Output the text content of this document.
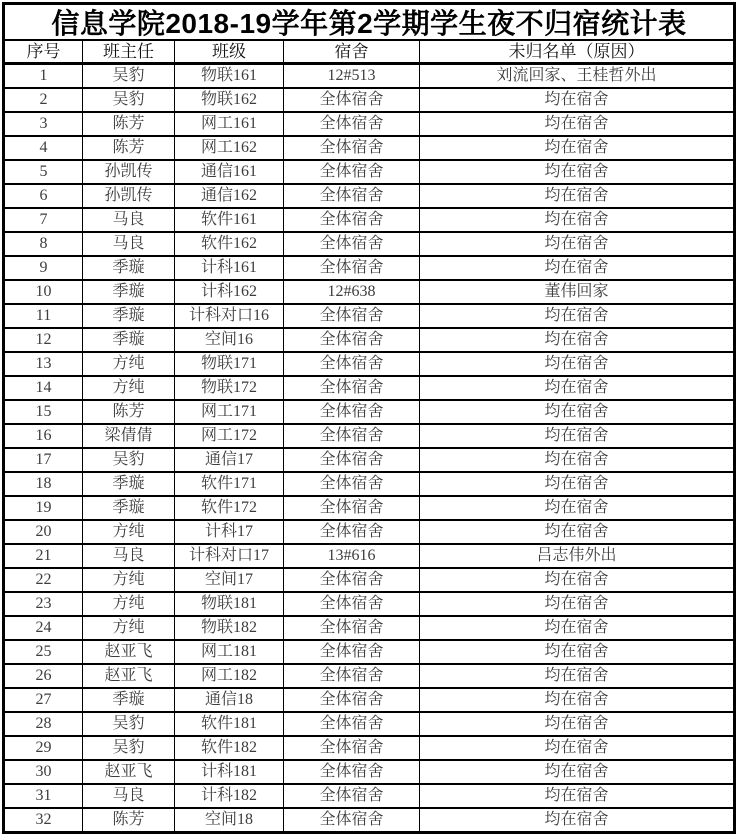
信息学院2018-19学年第2学期学生夜不归宿统计表
序号	班主任	班级	宿舍	未归名单（原因）
1	吴豹	物联161	12#513	刘流回家、王桂哲外出
2	吴豹	物联162	全体宿舍	均在宿舍
3	陈芳	网工161	全体宿舍	均在宿舍
4	陈芳	网工162	全体宿舍	均在宿舍
5	孙凯传	通信161	全体宿舍	均在宿舍
6	孙凯传	通信162	全体宿舍	均在宿舍
7	马良	软件161	全体宿舍	均在宿舍
8	马良	软件162	全体宿舍	均在宿舍
9	季璇	计科161	全体宿舍	均在宿舍
10	季璇	计科162	12#638	董伟回家
11	季璇	计科对口16	全体宿舍	均在宿舍
12	季璇	空间16	全体宿舍	均在宿舍
13	方纯	物联171	全体宿舍	均在宿舍
14	方纯	物联172	全体宿舍	均在宿舍
15	陈芳	网工171	全体宿舍	均在宿舍
16	梁倩倩	网工172	全体宿舍	均在宿舍
17	吴豹	通信17	全体宿舍	均在宿舍
18	季璇	软件171	全体宿舍	均在宿舍
19	季璇	软件172	全体宿舍	均在宿舍
20	方纯	计科17	全体宿舍	均在宿舍
21	马良	计科对口17	13#616	吕志伟外出
22	方纯	空间17	全体宿舍	均在宿舍
23	方纯	物联181	全体宿舍	均在宿舍
24	方纯	物联182	全体宿舍	均在宿舍
25	赵亚飞	网工181	全体宿舍	均在宿舍
26	赵亚飞	网工182	全体宿舍	均在宿舍
27	季璇	通信18	全体宿舍	均在宿舍
28	吴豹	软件181	全体宿舍	均在宿舍
29	吴豹	软件182	全体宿舍	均在宿舍
30	赵亚飞	计科181	全体宿舍	均在宿舍
31	马良	计科182	全体宿舍	均在宿舍
32	陈芳	空间18	全体宿舍	均在宿舍
